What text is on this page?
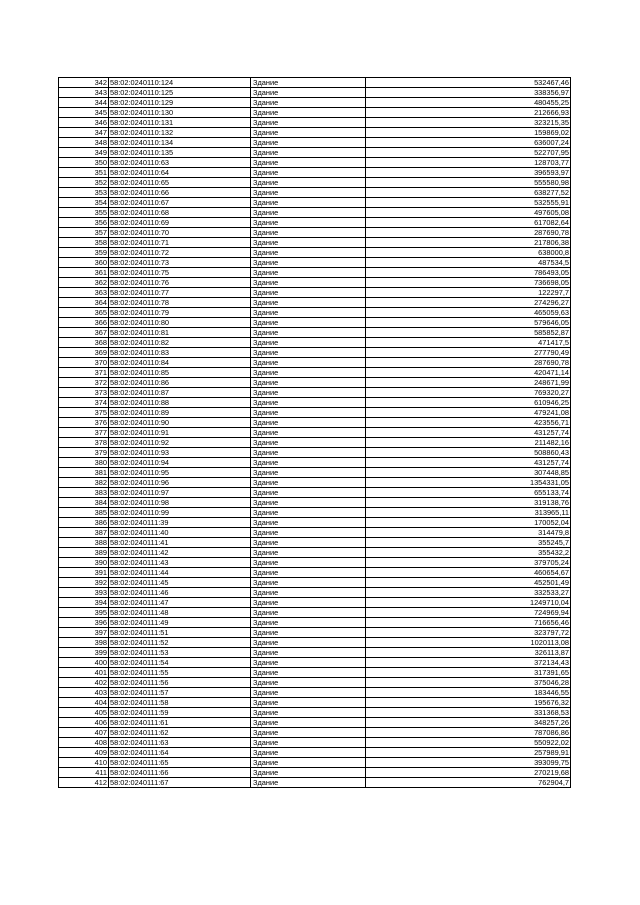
342	58:02:0240110:124	Здание	532467,46
343	58:02:0240110:125	Здание	338356,97
344	58:02:0240110:129	Здание	480455,25
345	58:02:0240110:130	Здание	212666,93
346	58:02:0240110:131	Здание	323215,35
347	58:02:0240110:132	Здание	159869,02
348	58:02:0240110:134	Здание	636007,24
349	58:02:0240110:135	Здание	522707,95
350	58:02:0240110:63	Здание	128703,77
351	58:02:0240110:64	Здание	396593,97
352	58:02:0240110:65	Здание	555580,98
353	58:02:0240110:66	Здание	638277,52
354	58:02:0240110:67	Здание	532555,91
355	58:02:0240110:68	Здание	497605,08
356	58:02:0240110:69	Здание	617082,64
357	58:02:0240110:70	Здание	287690,78
358	58:02:0240110:71	Здание	217806,38
359	58:02:0240110:72	Здание	638000,8
360	58:02:0240110:73	Здание	487534,5
361	58:02:0240110:75	Здание	786493,05
362	58:02:0240110:76	Здание	736698,05
363	58:02:0240110:77	Здание	122297,7
364	58:02:0240110:78	Здание	274296,27
365	58:02:0240110:79	Здание	465059,63
366	58:02:0240110:80	Здание	579646,05
367	58:02:0240110:81	Здание	585852,87
368	58:02:0240110:82	Здание	471417,5
369	58:02:0240110:83	Здание	277790,49
370	58:02:0240110:84	Здание	287690,78
371	58:02:0240110:85	Здание	420471,14
372	58:02:0240110:86	Здание	248671,99
373	58:02:0240110:87	Здание	769320,27
374	58:02:0240110:88	Здание	610946,25
375	58:02:0240110:89	Здание	479241,08
376	58:02:0240110:90	Здание	423556,71
377	58:02:0240110:91	Здание	431257,74
378	58:02:0240110:92	Здание	211482,16
379	58:02:0240110:93	Здание	508860,43
380	58:02:0240110:94	Здание	431257,74
381	58:02:0240110:95	Здание	307448,85
382	58:02:0240110:96	Здание	1354331,05
383	58:02:0240110:97	Здание	655133,74
384	58:02:0240110:98	Здание	319138,76
385	58:02:0240110:99	Здание	313965,11
386	58:02:0240111:39	Здание	170052,04
387	58:02:0240111:40	Здание	314479,8
388	58:02:0240111:41	Здание	355245,7
389	58:02:0240111:42	Здание	355432,2
390	58:02:0240111:43	Здание	379705,24
391	58:02:0240111:44	Здание	460654,67
392	58:02:0240111:45	Здание	452501,49
393	58:02:0240111:46	Здание	332533,27
394	58:02:0240111:47	Здание	1249710,04
395	58:02:0240111:48	Здание	724969,94
396	58:02:0240111:49	Здание	716656,46
397	58:02:0240111:51	Здание	323797,72
398	58:02:0240111:52	Здание	1020113,08
399	58:02:0240111:53	Здание	326113,87
400	58:02:0240111:54	Здание	372134,43
401	58:02:0240111:55	Здание	317391,65
402	58:02:0240111:56	Здание	375046,28
403	58:02:0240111:57	Здание	183446,55
404	58:02:0240111:58	Здание	195676,32
405	58:02:0240111:59	Здание	331368,53
406	58:02:0240111:61	Здание	348257,26
407	58:02:0240111:62	Здание	787086,86
408	58:02:0240111:63	Здание	550922,02
409	58:02:0240111:64	Здание	257989,91
410	58:02:0240111:65	Здание	393099,75
411	58:02:0240111:66	Здание	270219,68
412	58:02:0240111:67	Здание	762904,7
